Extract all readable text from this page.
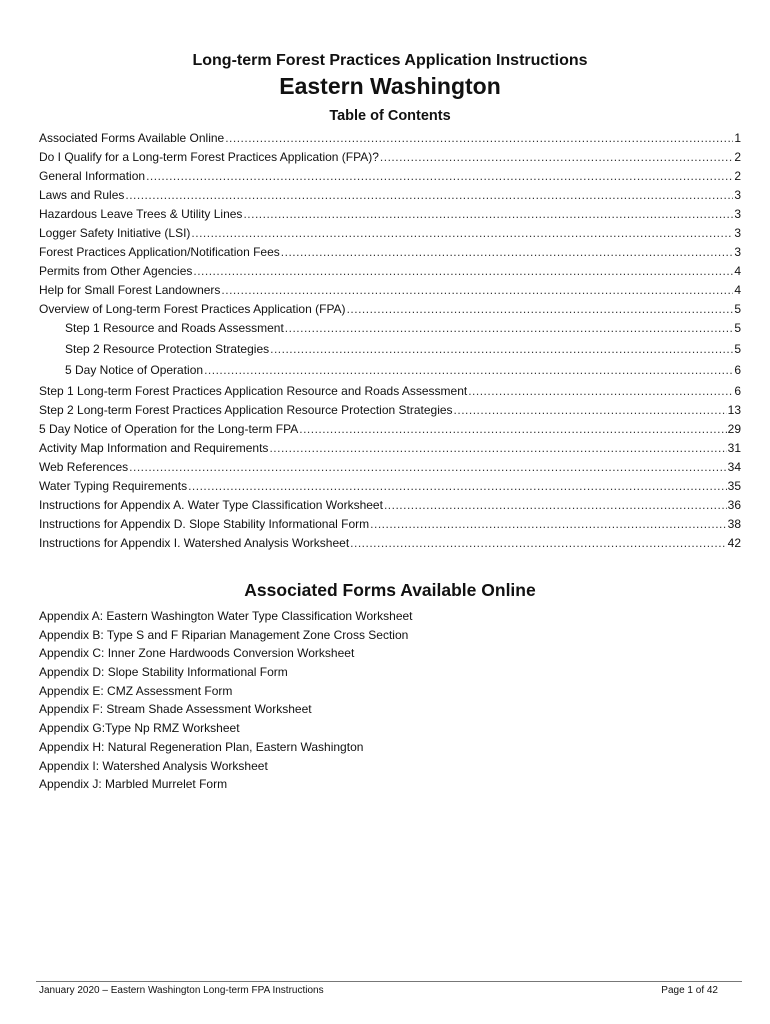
Long-term Forest Practices Application Instructions
Eastern Washington
Table of Contents
Associated Forms Available Online .....	1
Do I Qualify for a Long-term Forest Practices Application (FPA)? .....	2
General Information .....	2
Laws and Rules .....	3
Hazardous Leave Trees & Utility Lines .....	3
Logger Safety Initiative (LSI) .....	3
Forest Practices Application/Notification Fees .....	3
Permits from Other Agencies .....	4
Help for Small Forest Landowners .....	4
Overview of Long-term Forest Practices Application (FPA) .....	5
Step 1 Resource and Roads Assessment .....	5
Step 2 Resource Protection Strategies .....	5
5 Day Notice of Operation .....	6
Step 1 Long-term Forest Practices Application Resource and Roads Assessment .....	6
Step 2 Long-term Forest Practices Application Resource Protection Strategies .....	13
5 Day Notice of Operation for the Long-term FPA .....	29
Activity Map Information and Requirements .....	31
Web References .....	34
Water Typing Requirements .....	35
Instructions for Appendix A. Water Type Classification Worksheet .....	36
Instructions for Appendix D. Slope Stability Informational Form .....	38
Instructions for Appendix I. Watershed Analysis Worksheet .....	42
Associated Forms Available Online
Appendix A: Eastern Washington Water Type Classification Worksheet
Appendix B: Type S and F Riparian Management Zone Cross Section
Appendix C: Inner Zone Hardwoods Conversion Worksheet
Appendix D: Slope Stability Informational Form
Appendix E: CMZ Assessment Form
Appendix F: Stream Shade Assessment Worksheet
Appendix G:Type Np RMZ Worksheet
Appendix H: Natural Regeneration Plan, Eastern Washington
Appendix I: Watershed Analysis Worksheet
Appendix J: Marbled Murrelet Form
January 2020 – Eastern Washington Long-term FPA Instructions	Page 1 of 42
